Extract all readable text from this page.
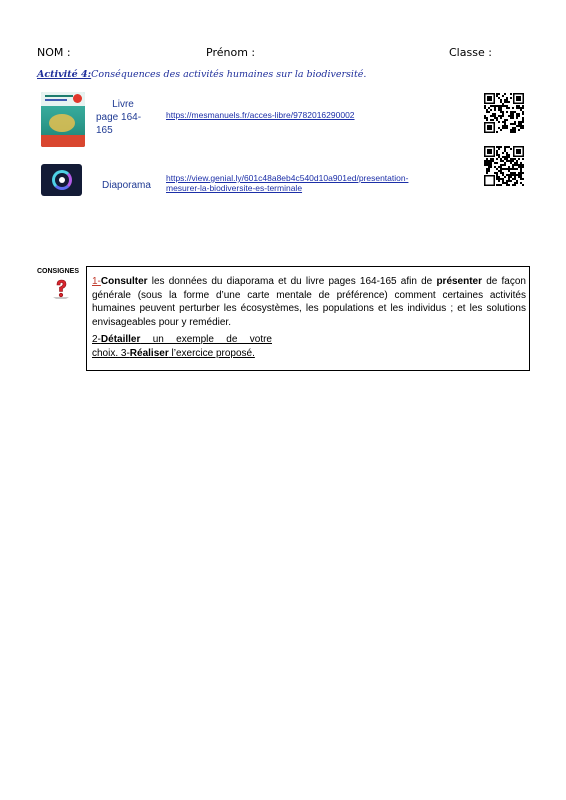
NOM :	Prénom :	Classe :
Activité 4:Conséquences des activités humaines sur la biodiversité.
Livre
page 164-
165
https://mesmanuels.fr/acces-libre/9782016290002
Diaporama
https://view.genial.ly/601c48a8eb4c540d10a901ed/presentation-
mesurer-la-biodiversite-es-terminale
CONSIGNES

1-Consulter les données du diaporama et du livre pages 164-165 afin de présenter de façon générale (sous la forme d’une carte mentale de préférence) comment certaines activités humaines peuvent perturber les écosystèmes, les populations et les individus ; et les solutions envisageables pour y remédier.

2-Détailler un exemple de votre
choix. 3-Réaliser l’exercice proposé.
